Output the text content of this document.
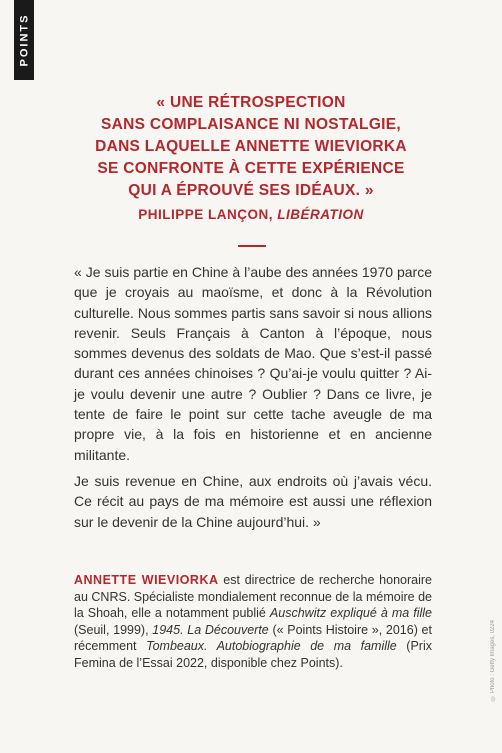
POINTS
« UNE RÉTROSPECTION
SANS COMPLAISANCE NI NOSTALGIE,
DANS LAQUELLE ANNETTE WIEVIORKA
SE CONFRONTE À CETTE EXPÉRIENCE
QUI A ÉPROUVÉ SES IDÉAUX. »
PHILIPPE LANÇON, LIBÉRATION

« Je suis partie en Chine à l’aube des années 1970 parce que je croyais au maoïsme, et donc à la Révolution culturelle. Nous sommes partis sans savoir si nous allions revenir. Seuls Français à Canton à l’époque, nous sommes devenus des soldats de Mao. Que s’est-il passé durant ces années chinoises ? Qu’ai-je voulu quitter ? Ai-je voulu devenir une autre ? Oublier ? Dans ce livre, je tente de faire le point sur cette tache aveugle de ma propre vie, à la fois en historienne et en ancienne militante.

Je suis revenue en Chine, aux endroits où j’avais vécu. Ce récit au pays de ma mémoire est aussi une réflexion sur le devenir de la Chine aujourd’hui. »

ANNETTE WIEVIORKA est directrice de recherche honoraire au CNRS. Spécialiste mondialement reconnue de la mémoire de la Shoah, elle a notamment publié Auschwitz expliqué à ma fille (Seuil, 1999), 1945. La Découverte (« Points Histoire », 2016) et récemment Tombeaux. Autobiographie de ma famille (Prix Femina de l’Essai 2022, disponible chez Points).	© Photo : Getty Images, 0224
